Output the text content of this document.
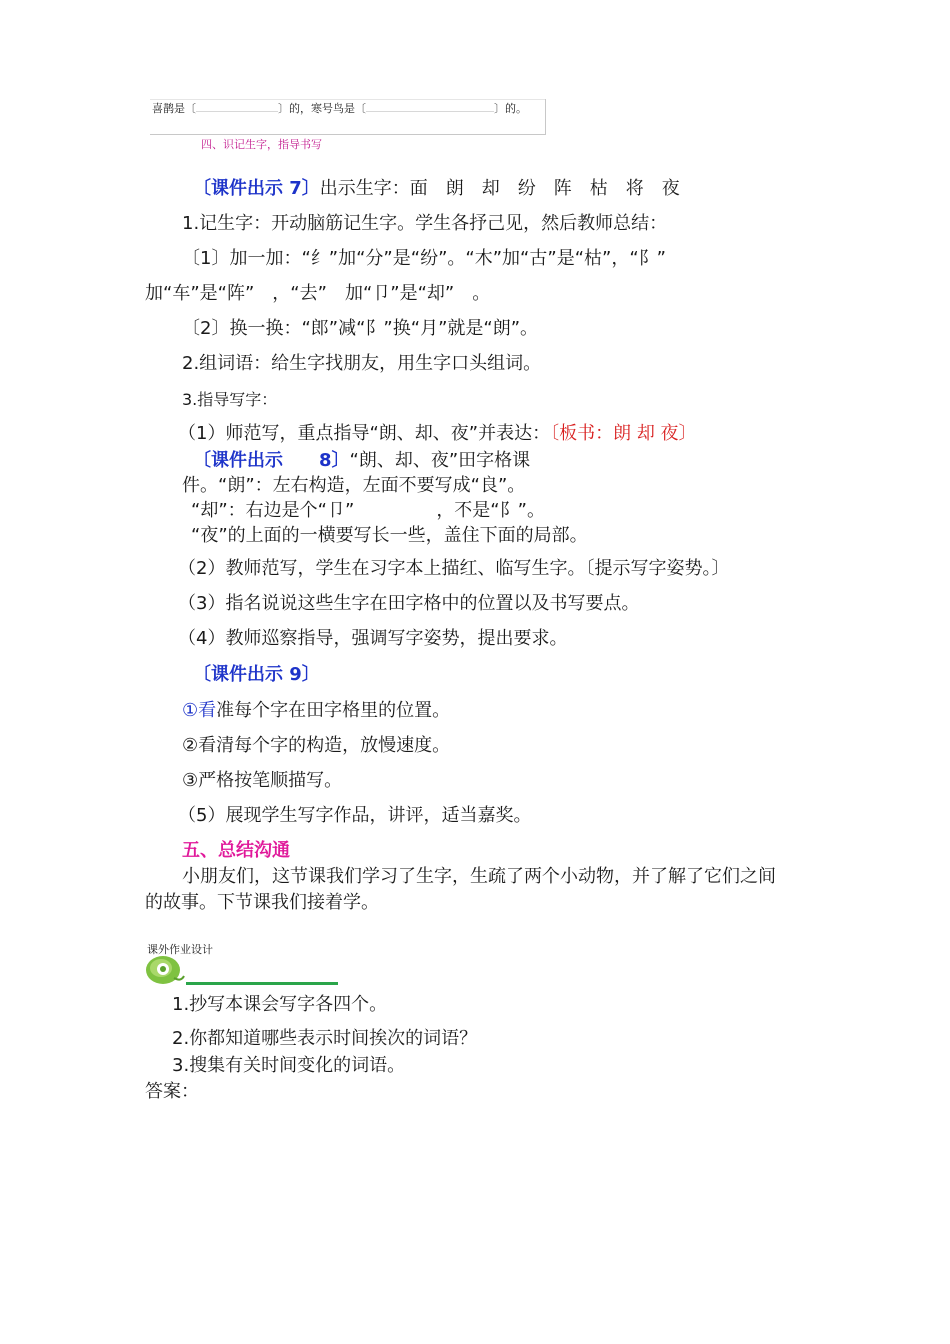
喜鹊是〔	〕的，寒号鸟是〔	〕的。
四、识记生字，指导书写
〔课件出示 7〕出示生字：面　朗　却　纷　阵　枯　将　夜
1.记生字：开动脑筋记生字。学生各抒己见，然后教师总结：
〔1〕加一加：“纟”加“分”是“纷”。“木”加“古”是“枯”，“阝”
加“车”是“阵”　，“去”　加“卩”是“却”　。
〔2〕换一换：“郎”减“阝”换“月”就是“朗”。
2.组词语：给生字找朋友，用生字口头组词。
3.指导写字：
（1）师范写，重点指导“朗、却、夜”并表达：〔板书：朗 却 夜〕
〔课件出示 8〕“朗、却、夜”田字格课
件。“朗”：左右构造，左面不要写成“良”。
“却”：右边是个“卩”	，不是“阝”。
“夜”的上面的一横要写长一些，盖住下面的局部。
（2）教师范写，学生在习字本上描红、临写生字。〔提示写字姿势。〕
（3）指名说说这些生字在田字格中的位置以及书写要点。
（4）教师巡察指导，强调写字姿势，提出要求。
〔课件出示 9〕
①看准每个字在田字格里的位置。
②看清每个字的构造，放慢速度。
③严格按笔顺描写。
（5）展现学生写字作品，讲评，适当嘉奖。
五、总结沟通
小朋友们，这节课我们学习了生字，生疏了两个小动物，并了解了它们之间
的故事。下节课我们接着学。
课外作业设计
1.抄写本课会写字各四个。
2.你都知道哪些表示时间挨次的词语？
3.搜集有关时间变化的词语。
答案：
